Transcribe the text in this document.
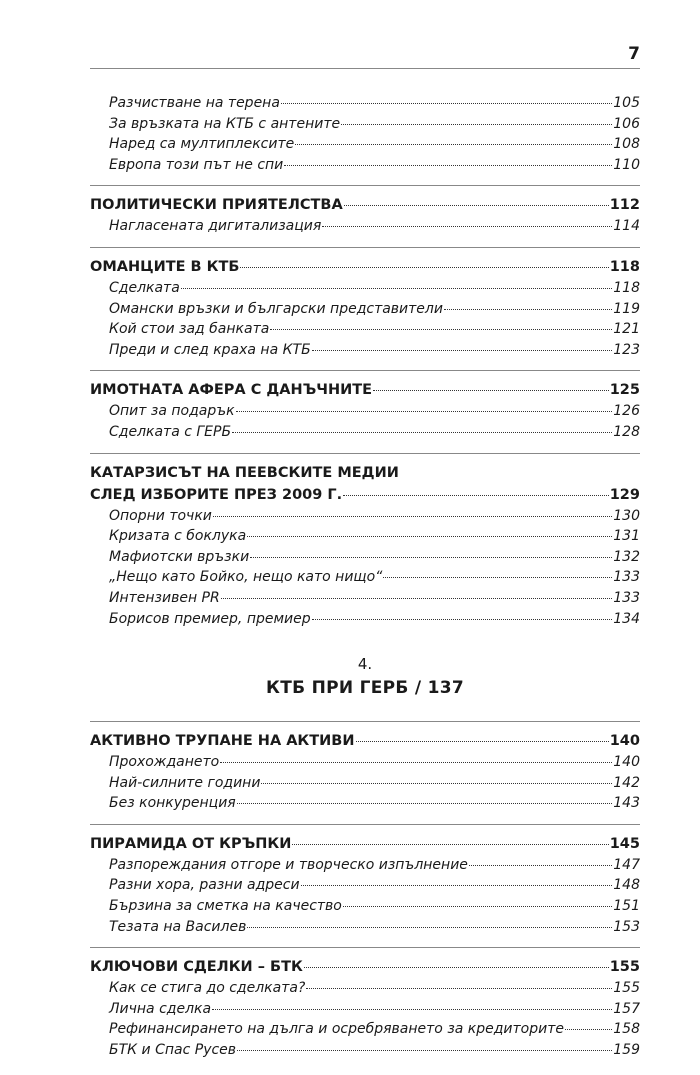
7
Разчистване на терена	105
За връзката на КТБ с антените	106
Наред са мултиплексите	108
Европа този път не спи	110
ПОЛИТИЧЕСКИ ПРИЯТЕЛСТВА	112
Нагласената дигитализация	114
ОМАНЦИТЕ В КТБ	118
Сделката	118
Омански връзки и български представители	119
Кой стои зад банката	121
Преди и след краха на КТБ	123
ИМОТНАТА АФЕРА С ДАНЪЧНИТЕ	125
Опит за подарък	126
Сделката с ГЕРБ	128
КАТАРЗИСЪТ НА ПЕЕВСКИТЕ МЕДИИ
СЛЕД ИЗБОРИТЕ ПРЕЗ 2009 Г.	129
Опорни точки	130
Кризата с боклука	131
Мафиотски връзки	132
„Нещо като Бойко, нещо като нищо“	133
Интензивен PR	133
Борисов премиер, премиер	134
4.
КТБ ПРИ ГЕРБ / 137
АКТИВНО ТРУПАНЕ НА АКТИВИ	140
Прохождането	140
Най-силните години	142
Без конкуренция	143
ПИРАМИДА ОТ КРЪПКИ	145
Разпореждания отгоре и творческо изпълнение	147
Разни хора, разни адреси	148
Бързина за сметка на качество	151
Тезата на Василев	153
КЛЮЧОВИ СДЕЛКИ – БТК	155
Как се стига до сделката?	155
Лична сделка	157
Рефинансирането на дълга и осребряването за кредиторите	158
БТК и Спас Русев	159
